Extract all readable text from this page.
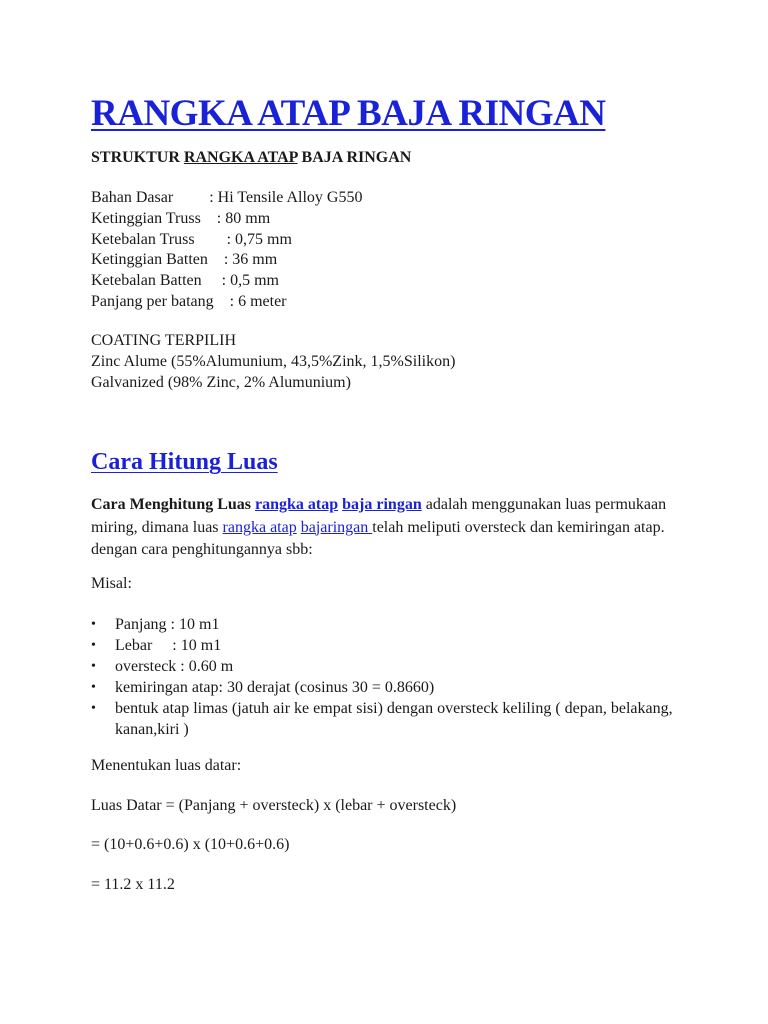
RANGKA ATAP BAJA RINGAN
STRUKTUR RANGKA ATAP BAJA RINGAN
Bahan Dasar         : Hi Tensile Alloy G550
Ketinggian Truss    : 80 mm
Ketebalan Truss        : 0,75 mm
Ketinggian Batten    : 36 mm
Ketebalan Batten     : 0,5 mm
Panjang per batang    : 6 meter
COATING TERPILIH
Zinc Alume (55%Alumunium, 43,5%Zink, 1,5%Silikon)
Galvanized (98% Zinc, 2% Alumunium)
Cara Hitung Luas
Cara Menghitung Luas rangka atap baja ringan adalah menggunakan luas permukaan miring, dimana luas rangka atap bajaringan telah meliputi oversteck dan kemiringan atap. dengan cara penghitungannya sbb:
Misal:
•	Panjang : 10 m1
•	Lebar     : 10 m1
•	oversteck : 0.60 m
•	kemiringan atap: 30 derajat (cosinus 30 = 0.8660)
•	bentuk atap limas (jatuh air ke empat sisi) dengan oversteck keliling ( depan, belakang, kanan,kiri )
Menentukan luas datar:
Luas Datar = (Panjang + oversteck) x (lebar + oversteck)
= (10+0.6+0.6) x (10+0.6+0.6)
= 11.2 x 11.2
